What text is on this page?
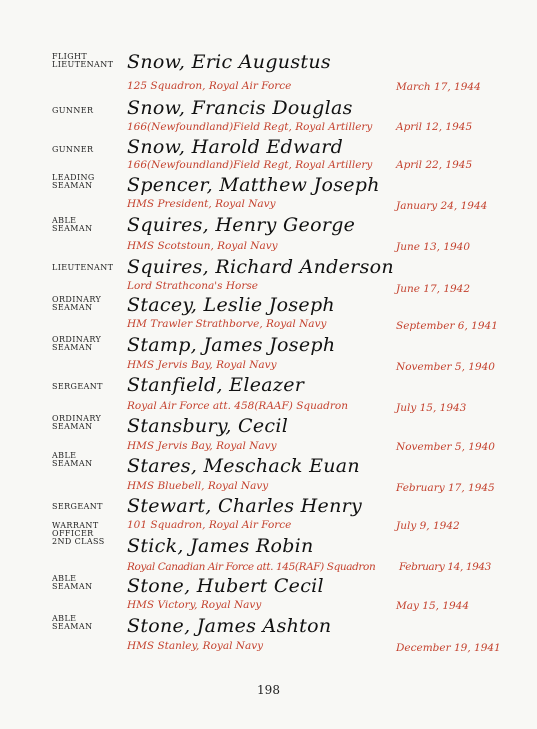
FLIGHT
LIEUTENANT Snow, Eric Augustus
125 Squadron, Royal Air Force	March 17, 1944
GUNNER	Snow, Francis Douglas
166(Newfoundland)Field Regt, Royal Artillery April 12, 1945
GUNNER	Snow, Harold Edward
166(Newfoundland)Field Regt, Royal Artillery April 22, 1945
LEADING
SEAMAN	Spencer, Matthew Joseph
HMS President, Royal Navy	January 24, 1944
ABLE
SEAMAN	Squires, Henry George
HMS Scotstoun, Royal Navy	June 13, 1940
LIEUTENANT Squires, Richard Anderson
Lord Strathcona's Horse	June 17, 1942
ORDINARY
SEAMAN	Stacey, Leslie Joseph
HM Trawler Strathborve, Royal Navy	September 6, 1941
ORDINARY
SEAMAN	Stamp, James Joseph
HMS Jervis Bay, Royal Navy	November 5, 1940
SERGEANT	Stanfield, Eleazer
Royal Air Force att. 458(RAAF) Squadron	July 15, 1943
ORDINARY
SEAMAN	Stansbury, Cecil
HMS Jervis Bay, Royal Navy	November 5, 1940
ABLE
SEAMAN	Stares, Meschack Euan
HMS Bluebell, Royal Navy	February 17, 1945
SERGEANT	Stewart, Charles Henry
101 Squadron, Royal Air Force	July 9, 1942
WARRANT
OFFICER
2ND CLASS	Stick, James Robin
Royal Canadian Air Force att. 145(RAF) Squadron February 14, 1943
ABLE
SEAMAN	Stone, Hubert Cecil
HMS Victory, Royal Navy	May 15, 1944
ABLE
SEAMAN	Stone, James Ashton
HMS Stanley, Royal Navy	December 19, 1941
198
